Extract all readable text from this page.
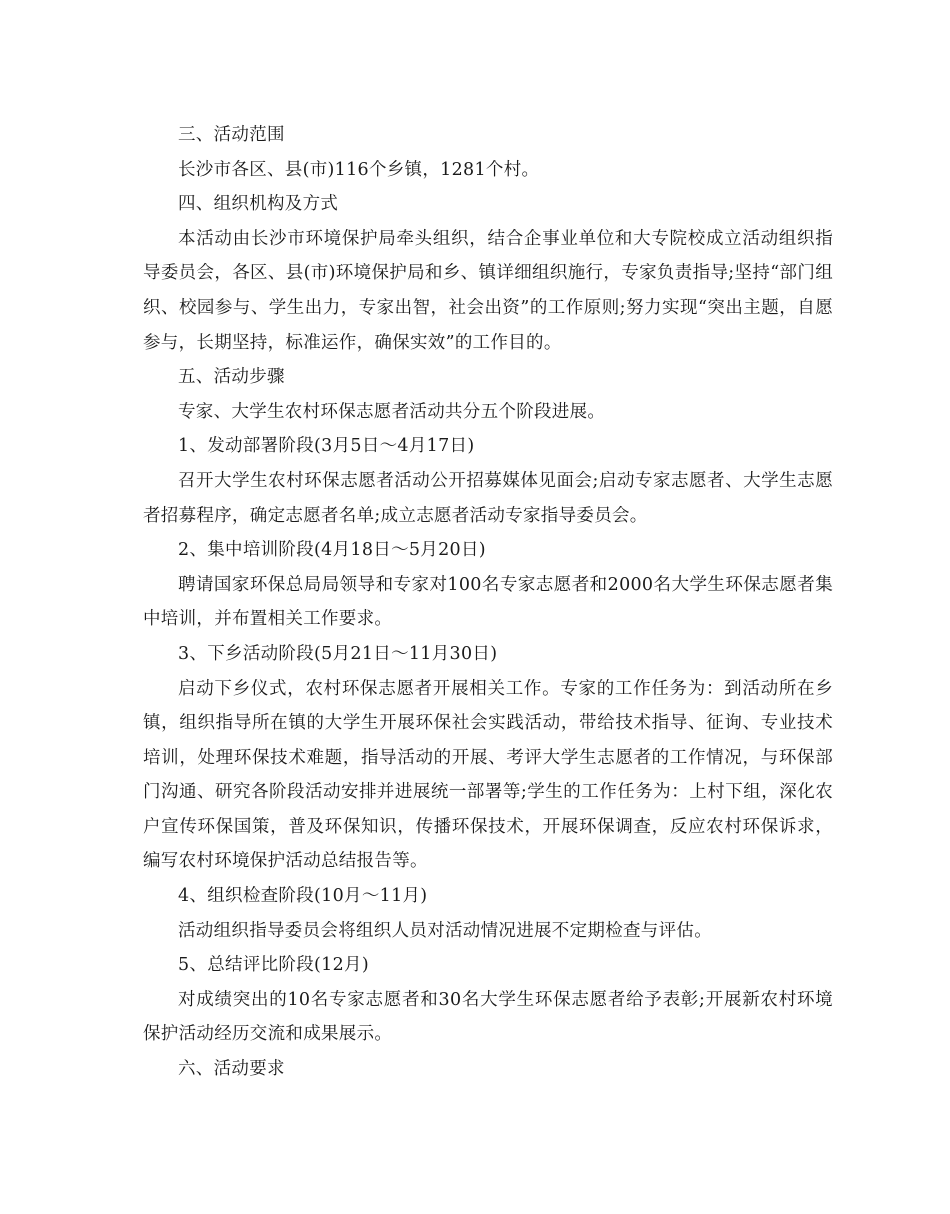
三、活动范围

长沙市各区、县(市)116个乡镇，1281个村。

四、组织机构及方式

本活动由长沙市环境保护局牵头组织，结合企事业单位和大专院校成立活动组织指导委员会，各区、县(市)环境保护局和乡、镇详细组织施行，专家负责指导;坚持“部门组织、校园参与、学生出力，专家出智，社会出资”的工作原则;努力实现“突出主题，自愿参与，长期坚持，标准运作，确保实效”的工作目的。

五、活动步骤

专家、大学生农村环保志愿者活动共分五个阶段进展。

1、发动部署阶段(3月5日～4月17日)

召开大学生农村环保志愿者活动公开招募媒体见面会;启动专家志愿者、大学生志愿者招募程序，确定志愿者名单;成立志愿者活动专家指导委员会。

2、集中培训阶段(4月18日～5月20日)

聘请国家环保总局局领导和专家对100名专家志愿者和2000名大学生环保志愿者集中培训，并布置相关工作要求。

3、下乡活动阶段(5月21日～11月30日)

启动下乡仪式，农村环保志愿者开展相关工作。专家的工作任务为：到活动所在乡镇，组织指导所在镇的大学生开展环保社会实践活动，带给技术指导、征询、专业技术培训，处理环保技术难题，指导活动的开展、考评大学生志愿者的工作情况，与环保部门沟通、研究各阶段活动安排并进展统一部署等;学生的工作任务为：上村下组，深化农户宣传环保国策，普及环保知识，传播环保技术，开展环保调查，反应农村环保诉求，编写农村环境保护活动总结报告等。

4、组织检查阶段(10月～11月)

活动组织指导委员会将组织人员对活动情况进展不定期检查与评估。

5、总结评比阶段(12月)

对成绩突出的10名专家志愿者和30名大学生环保志愿者给予表彰;开展新农村环境保护活动经历交流和成果展示。

六、活动要求
